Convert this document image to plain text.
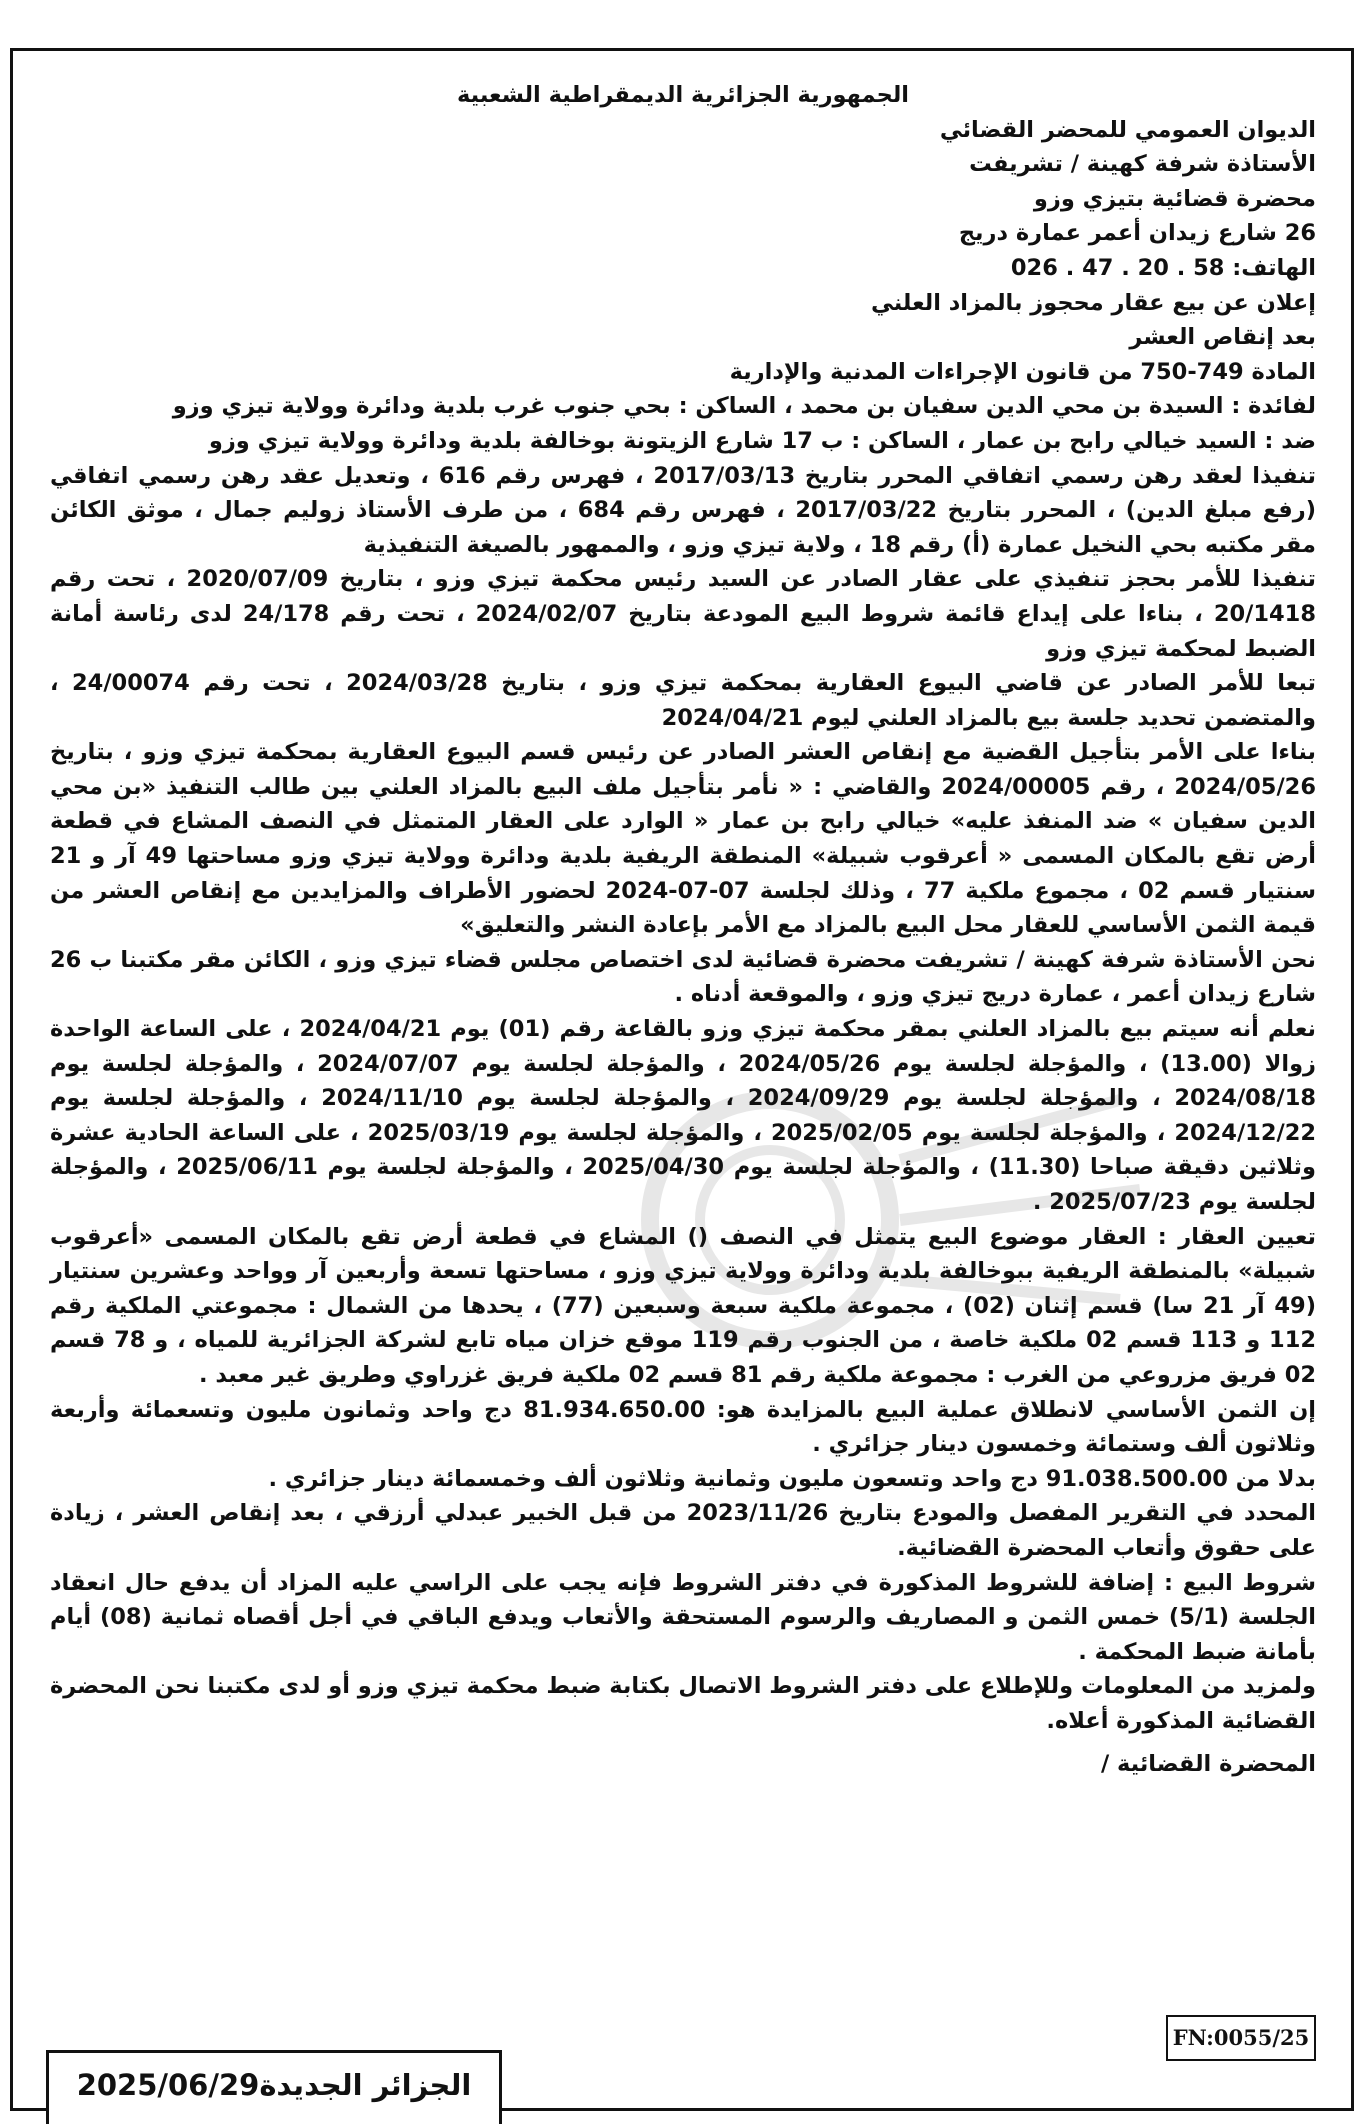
الجمهورية الجزائرية الديمقراطية الشعبية

الديوان العمومي للمحضر القضائي

الأستاذة شرفة كهينة / تشريفت

محضرة قضائية بتيزي وزو

26 شارع زيدان أعمر عمارة دريج

الهاتف: 58 . 20 . 47 . 026

إعلان عن بيع عقار محجوز بالمزاد العلني

بعد إنقاص العشر

المادة 749-750 من قانون الإجراءات المدنية والإدارية

لفائدة : السيدة بن محي الدين سفيان بن محمد ، الساكن : بحي جنوب غرب بلدية ودائرة وولاية تيزي وزو

ضد : السيد خيالي رابح بن عمار ، الساكن : ب 17 شارع الزيتونة بوخالفة بلدية ودائرة وولاية تيزي وزو

تنفيذا لعقد رهن رسمي اتفاقي المحرر بتاريخ 2017/03/13 ، فهرس رقم 616 ، وتعديل عقد رهن رسمي اتفاقي (رفع مبلغ الدين) ، المحرر بتاريخ 2017/03/22 ، فهرس رقم 684 ، من طرف الأستاذ زوليم جمال ، موثق الكائن مقر مكتبه بحي النخيل عمارة (أ) رقم 18 ، ولاية تيزي وزو ، والممهور بالصيغة التنفيذية

تنفيذا للأمر بحجز تنفيذي على عقار الصادر عن السيد رئيس محكمة تيزي وزو ، بتاريخ 2020/07/09 ، تحت رقم 20/1418 ، بناءا على إيداع قائمة شروط البيع المودعة بتاريخ 2024/02/07 ، تحت رقم 24/178 لدى رئاسة أمانة الضبط لمحكمة تيزي وزو

تبعا للأمر الصادر عن قاضي البيوع العقارية بمحكمة تيزي وزو ، بتاريخ 2024/03/28 ، تحت رقم 24/00074 ، والمتضمن تحديد جلسة بيع بالمزاد العلني ليوم 2024/04/21

بناءا على الأمر بتأجيل القضية مع إنقاص العشر الصادر عن رئيس قسم البيوع العقارية بمحكمة تيزي وزو ، بتاريخ 2024/05/26 ، رقم 2024/00005 والقاضي : « نأمر بتأجيل ملف البيع بالمزاد العلني بين طالب التنفيذ «بن محي الدين سفيان » ضد المنفذ عليه» خيالي رابح بن عمار « الوارد على العقار المتمثل في النصف المشاع في قطعة أرض تقع بالمكان المسمى « أعرقوب شبيلة» المنطقة الريفية بلدية ودائرة وولاية تيزي وزو مساحتها 49 آر و 21 سنتيار قسم 02 ، مجموع ملكية 77 ، وذلك لجلسة 07-07-2024 لحضور الأطراف والمزايدين مع إنقاص العشر من قيمة الثمن الأساسي للعقار محل البيع بالمزاد مع الأمر بإعادة النشر والتعليق»

نحن الأستاذة شرفة كهينة / تشريفت محضرة قضائية لدى اختصاص مجلس قضاء تيزي وزو ، الكائن مقر مكتبنا ب 26 شارع زيدان أعمر ، عمارة دريج تيزي وزو ، والموقعة أدناه .

نعلم أنه سيتم بيع بالمزاد العلني بمقر محكمة تيزي وزو بالقاعة رقم (01) يوم 2024/04/21 ، على الساعة الواحدة زوالا (13.00) ، والمؤجلة لجلسة يوم 2024/05/26 ، والمؤجلة لجلسة يوم 2024/07/07 ، والمؤجلة لجلسة يوم 2024/08/18 ، والمؤجلة لجلسة يوم 2024/09/29 ، والمؤجلة لجلسة يوم 2024/11/10 ، والمؤجلة لجلسة يوم 2024/12/22 ، والمؤجلة لجلسة يوم 2025/02/05 ، والمؤجلة لجلسة يوم 2025/03/19 ، على الساعة الحادية عشرة وثلاثين دقيقة صباحا (11.30) ، والمؤجلة لجلسة يوم 2025/04/30 ، والمؤجلة لجلسة يوم 2025/06/11 ، والمؤجلة لجلسة يوم 2025/07/23 .

تعيين العقار : العقار موضوع البيع يتمثل في النصف () المشاع في قطعة أرض تقع بالمكان المسمى «أعرقوب شبيلة» بالمنطقة الريفية ببوخالفة بلدية ودائرة وولاية تيزي وزو ، مساحتها تسعة وأربعين آر وواحد وعشرين سنتيار (49 آر 21 سا) قسم إثنان (02) ، مجموعة ملكية سبعة وسبعين (77) ، يحدها من الشمال : مجموعتي الملكية رقم 112 و 113 قسم 02 ملكية خاصة ، من الجنوب رقم 119 موقع خزان مياه تابع لشركة الجزائرية للمياه ، و 78 قسم 02 فريق مزروعي من الغرب : مجموعة ملكية رقم 81 قسم 02 ملكية فريق غزراوي وطريق غير معبد .

إن الثمن الأساسي لانطلاق عملية البيع بالمزايدة هو: 81.934.650.00 دج واحد وثمانون مليون وتسعمائة وأربعة وثلاثون ألف وستمائة وخمسون دينار جزائري .

بدلا من 91.038.500.00 دج واحد وتسعون مليون وثمانية وثلاثون ألف وخمسمائة دينار جزائري .

المحدد في التقرير المفصل والمودع بتاريخ 2023/11/26 من قبل الخبير عبدلي أرزقي ، بعد إنقاص العشر ، زيادة على حقوق وأتعاب المحضرة القضائية.

شروط البيع : إضافة للشروط المذكورة في دفتر الشروط فإنه يجب على الراسي عليه المزاد أن يدفع حال انعقاد الجلسة (5/1) خمس الثمن و المصاريف والرسوم المستحقة والأتعاب ويدفع الباقي في أجل أقصاه ثمانية (08) أيام بأمانة ضبط المحكمة .

ولمزيد من المعلومات وللإطلاع على دفتر الشروط الاتصال بكتابة ضبط محكمة تيزي وزو أو لدى مكتبنا نحن المحضرة القضائية المذكورة أعلاه.

المحضرة القضائية /

FN:0055/25
الجزائر الجديدة2025/06/29
